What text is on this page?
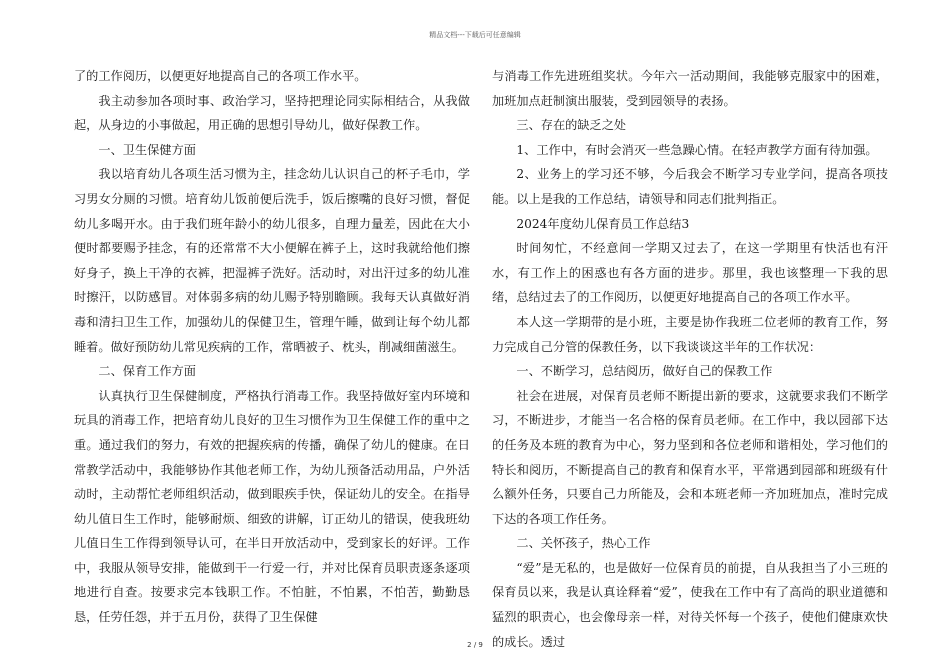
精品文档---下载后可任意编辑

了的工作阅历，以便更好地提高自己的各项工作水平。

我主动参加各项时事、政治学习，坚持把理论同实际相结合，从我做起，从身边的小事做起，用正确的思想引导幼儿，做好保教工作。

一、卫生保健方面

我以培育幼儿各项生活习惯为主，挂念幼儿认识自己的杯子毛巾，学习男女分厕的习惯。培育幼儿饭前便后洗手，饭后擦嘴的良好习惯，督促幼儿多喝开水。由于我们班年龄小的幼儿很多，自理力量差，因此在大小便时都要赐予挂念，有的还常常不大小便解在裤子上，这时我就给他们擦好身子，换上干净的衣裤，把湿裤子洗好。活动时，对出汗过多的幼儿准时擦汗，以防感冒。对体弱多病的幼儿赐予特别瞻顾。我每天认真做好消毒和清扫卫生工作，加强幼儿的保健卫生，管理午睡，做到让每个幼儿都睡着。做好预防幼儿常见疾病的工作，常晒被子、枕头，削减细菌滋生。

二、保育工作方面

认真执行卫生保健制度，严格执行消毒工作。我坚持做好室内环境和玩具的消毒工作，把培育幼儿良好的卫生习惯作为卫生保健工作的重中之重。通过我们的努力，有效的把握疾病的传播，确保了幼儿的健康。在日常教学活动中，我能够协作其他老师工作，为幼儿预备活动用品，户外活动时，主动帮忙老师组织活动，做到眼疾手快，保证幼儿的安全。在指导幼儿值日生工作时，能够耐烦、细致的讲解，订正幼儿的错误，使我班幼儿值日生工作得到领导认可，在半日开放活动中，受到家长的好评。工作中，我服从领导安排，能做到干一行爱一行，并对比保育员职责逐条逐项地进行自查。按要求完本钱职工作。不怕脏，不怕累，不怕苦，勤勤恳恳，任劳任怨，并于五月份，获得了卫生保健

与消毒工作先进班组奖状。今年六一活动期间，我能够克服家中的困难，加班加点赶制演出服装，受到园领导的表扬。

三、存在的缺乏之处

1、工作中，有时会消灭一些急躁心情。在轻声教学方面有待加强。

2、业务上的学习还不够，今后我会不断学习专业学问，提高各项技能。以上是我的工作总结，请领导和同志们批判指正。

2024年度幼儿保育员工作总结3

时间匆忙，不经意间一学期又过去了，在这一学期里有快活也有汗水，有工作上的困惑也有各方面的进步。那里，我也该整理一下我的思绪，总结过去了的工作阅历，以便更好地提高自己的各项工作水平。

本人这一学期带的是小班，主要是协作我班二位老师的教育工作，努力完成自己分管的保教任务，以下我谈谈这半年的工作状况：

一、不断学习，总结阅历，做好自己的保教工作

社会在进展，对保育员老师不断提出新的要求，这就要求我们不断学习，不断进步，才能当一名合格的保育员老师。在工作中，我以园部下达的任务及本班的教育为中心，努力坚到和各位老师和谐相处，学习他们的特长和阅历，不断提高自己的教育和保育水平，平常遇到园部和班级有什么额外任务，只要自己力所能及，会和本班老师一齐加班加点，准时完成下达的各项工作任务。

二、关怀孩子，热心工作

“爱”是无私的，也是做好一位保育员的前提，自从我担当了小三班的保育员以来，我是认真诠释着“爱”，使我在工作中有了高尚的职业道德和猛烈的职责心，也会像母亲一样，对待关怀每一个孩子，使他们健康欢快的成长。透过

2 / 9
